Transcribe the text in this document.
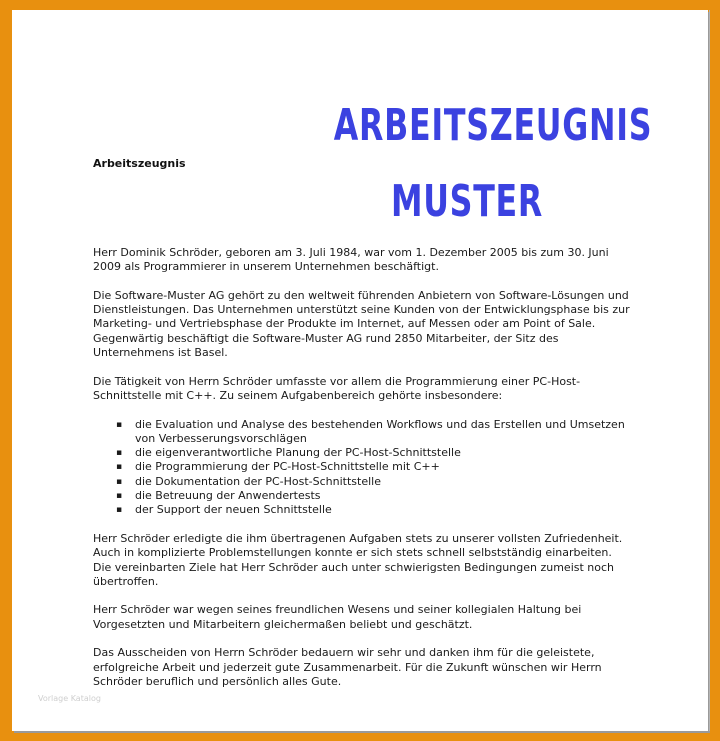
ARBEITSZEUGNIS
MUSTER
Arbeitszeugnis

Herr Dominik Schröder, geboren am 3. Juli 1984, war vom 1. Dezember 2005 bis zum 30. Juni 2009 als Programmierer in unserem Unternehmen beschäftigt.

Die Software-Muster AG gehört zu den weltweit führenden Anbietern von Software-Lösungen und Dienstleistungen. Das Unternehmen unterstützt seine Kunden von der Entwicklungsphase bis zur Marketing- und Vertriebsphase der Produkte im Internet, auf Messen oder am Point of Sale. Gegenwärtig beschäftigt die Software-Muster AG rund 2850 Mitarbeiter, der Sitz des Unternehmens ist Basel.

Die Tätigkeit von Herrn Schröder umfasste vor allem die Programmierung einer PC-Host-Schnittstelle mit C++. Zu seinem Aufgabenbereich gehörte insbesondere:

▪ die Evaluation und Analyse des bestehenden Workflows und das Erstellen und Umsetzen von Verbesserungsvorschlägen
▪ die eigenverantwortliche Planung der PC-Host-Schnittstelle
▪ die Programmierung der PC-Host-Schnittstelle mit C++
▪ die Dokumentation der PC-Host-Schnittstelle
▪ die Betreuung der Anwendertests
▪ der Support der neuen Schnittstelle

Herr Schröder erledigte die ihm übertragenen Aufgaben stets zu unserer vollsten Zufriedenheit. Auch in komplizierte Problemstellungen konnte er sich stets schnell selbstständig einarbeiten. Die vereinbarten Ziele hat Herr Schröder auch unter schwierigsten Bedingungen zumeist noch übertroffen.

Herr Schröder war wegen seines freundlichen Wesens und seiner kollegialen Haltung bei Vorgesetzten und Mitarbeitern gleichermaßen beliebt und geschätzt.

Das Ausscheiden von Herrn Schröder bedauern wir sehr und danken ihm für die geleistete, erfolgreiche Arbeit und jederzeit gute Zusammenarbeit. Für die Zukunft wünschen wir Herrn Schröder beruflich und persönlich alles Gute.

Vorlage Katalog
